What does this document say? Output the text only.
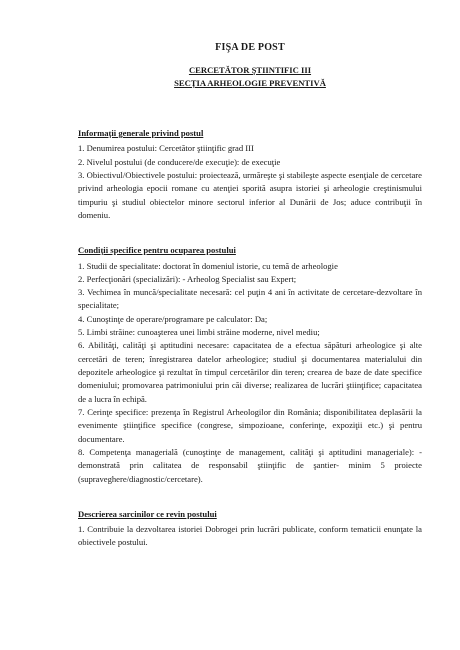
FIŞA DE POST
CERCETĂTOR ŞTIINTIFIC III
SECŢIA ARHEOLOGIE PREVENTIVĂ
Informaţii generale privind postul

1. Denumirea postului: Cercetător ştiinţific grad III

2. Nivelul postului (de conducere/de execuţie): de execuţie

3. Obiectivul/Obiectivele postului: proiectează, urmăreşte şi stabileşte aspecte esenţiale de cercetare privind arheologia epocii romane cu atenţiei sporită asupra istoriei şi arheologie creştinismului timpuriu şi studiul obiectelor minore sectorul inferior al Dunării de Jos; aduce contribuţii în domeniu.

Condiţii specifice pentru ocuparea postului

1. Studii de specialitate: doctorat în domeniul istorie, cu temă de arheologie

2. Perfecţionări (specializări): - Arheolog Specialist sau Expert;

3. Vechimea în muncă/specialitate necesară: cel puţin 4 ani în activitate de cercetare-dezvoltare în specialitate;

4. Cunoştinţe de operare/programare pe calculator: Da;

5. Limbi străine: cunoaşterea unei limbi străine moderne, nivel mediu;

6. Abilităţi, calităţi şi aptitudini necesare: capacitatea de a efectua săpături arheologice şi alte cercetări de teren; înregistrarea datelor arheologice; studiul şi documentarea materialului din depozitele arheologice şi rezultat în timpul cercetărilor din teren; crearea de baze de date specifice domeniului; promovarea patrimoniului prin căi diverse; realizarea de lucrări ştiinţifice; capacitatea de a lucra în echipă.

7. Cerinţe specifice: prezenţa în Registrul Arheologilor din România; disponibilitatea deplasării la evenimente ştiinţifice specifice (congrese, simpozioane, conferinţe, expoziţii etc.) şi pentru documentare.

8. Competenţa managerială (cunoştinţe de management, calităţi şi aptitudini manageriale): - demonstrată prin calitatea de responsabil ştiinţific de şantier- minim 5 proiecte (supraveghere/diagnostic/cercetare).

Descrierea sarcinilor ce revin postului

1. Contribuie la dezvoltarea istoriei Dobrogei prin lucrări publicate, conform tematicii enunţate la obiectivele postului.
